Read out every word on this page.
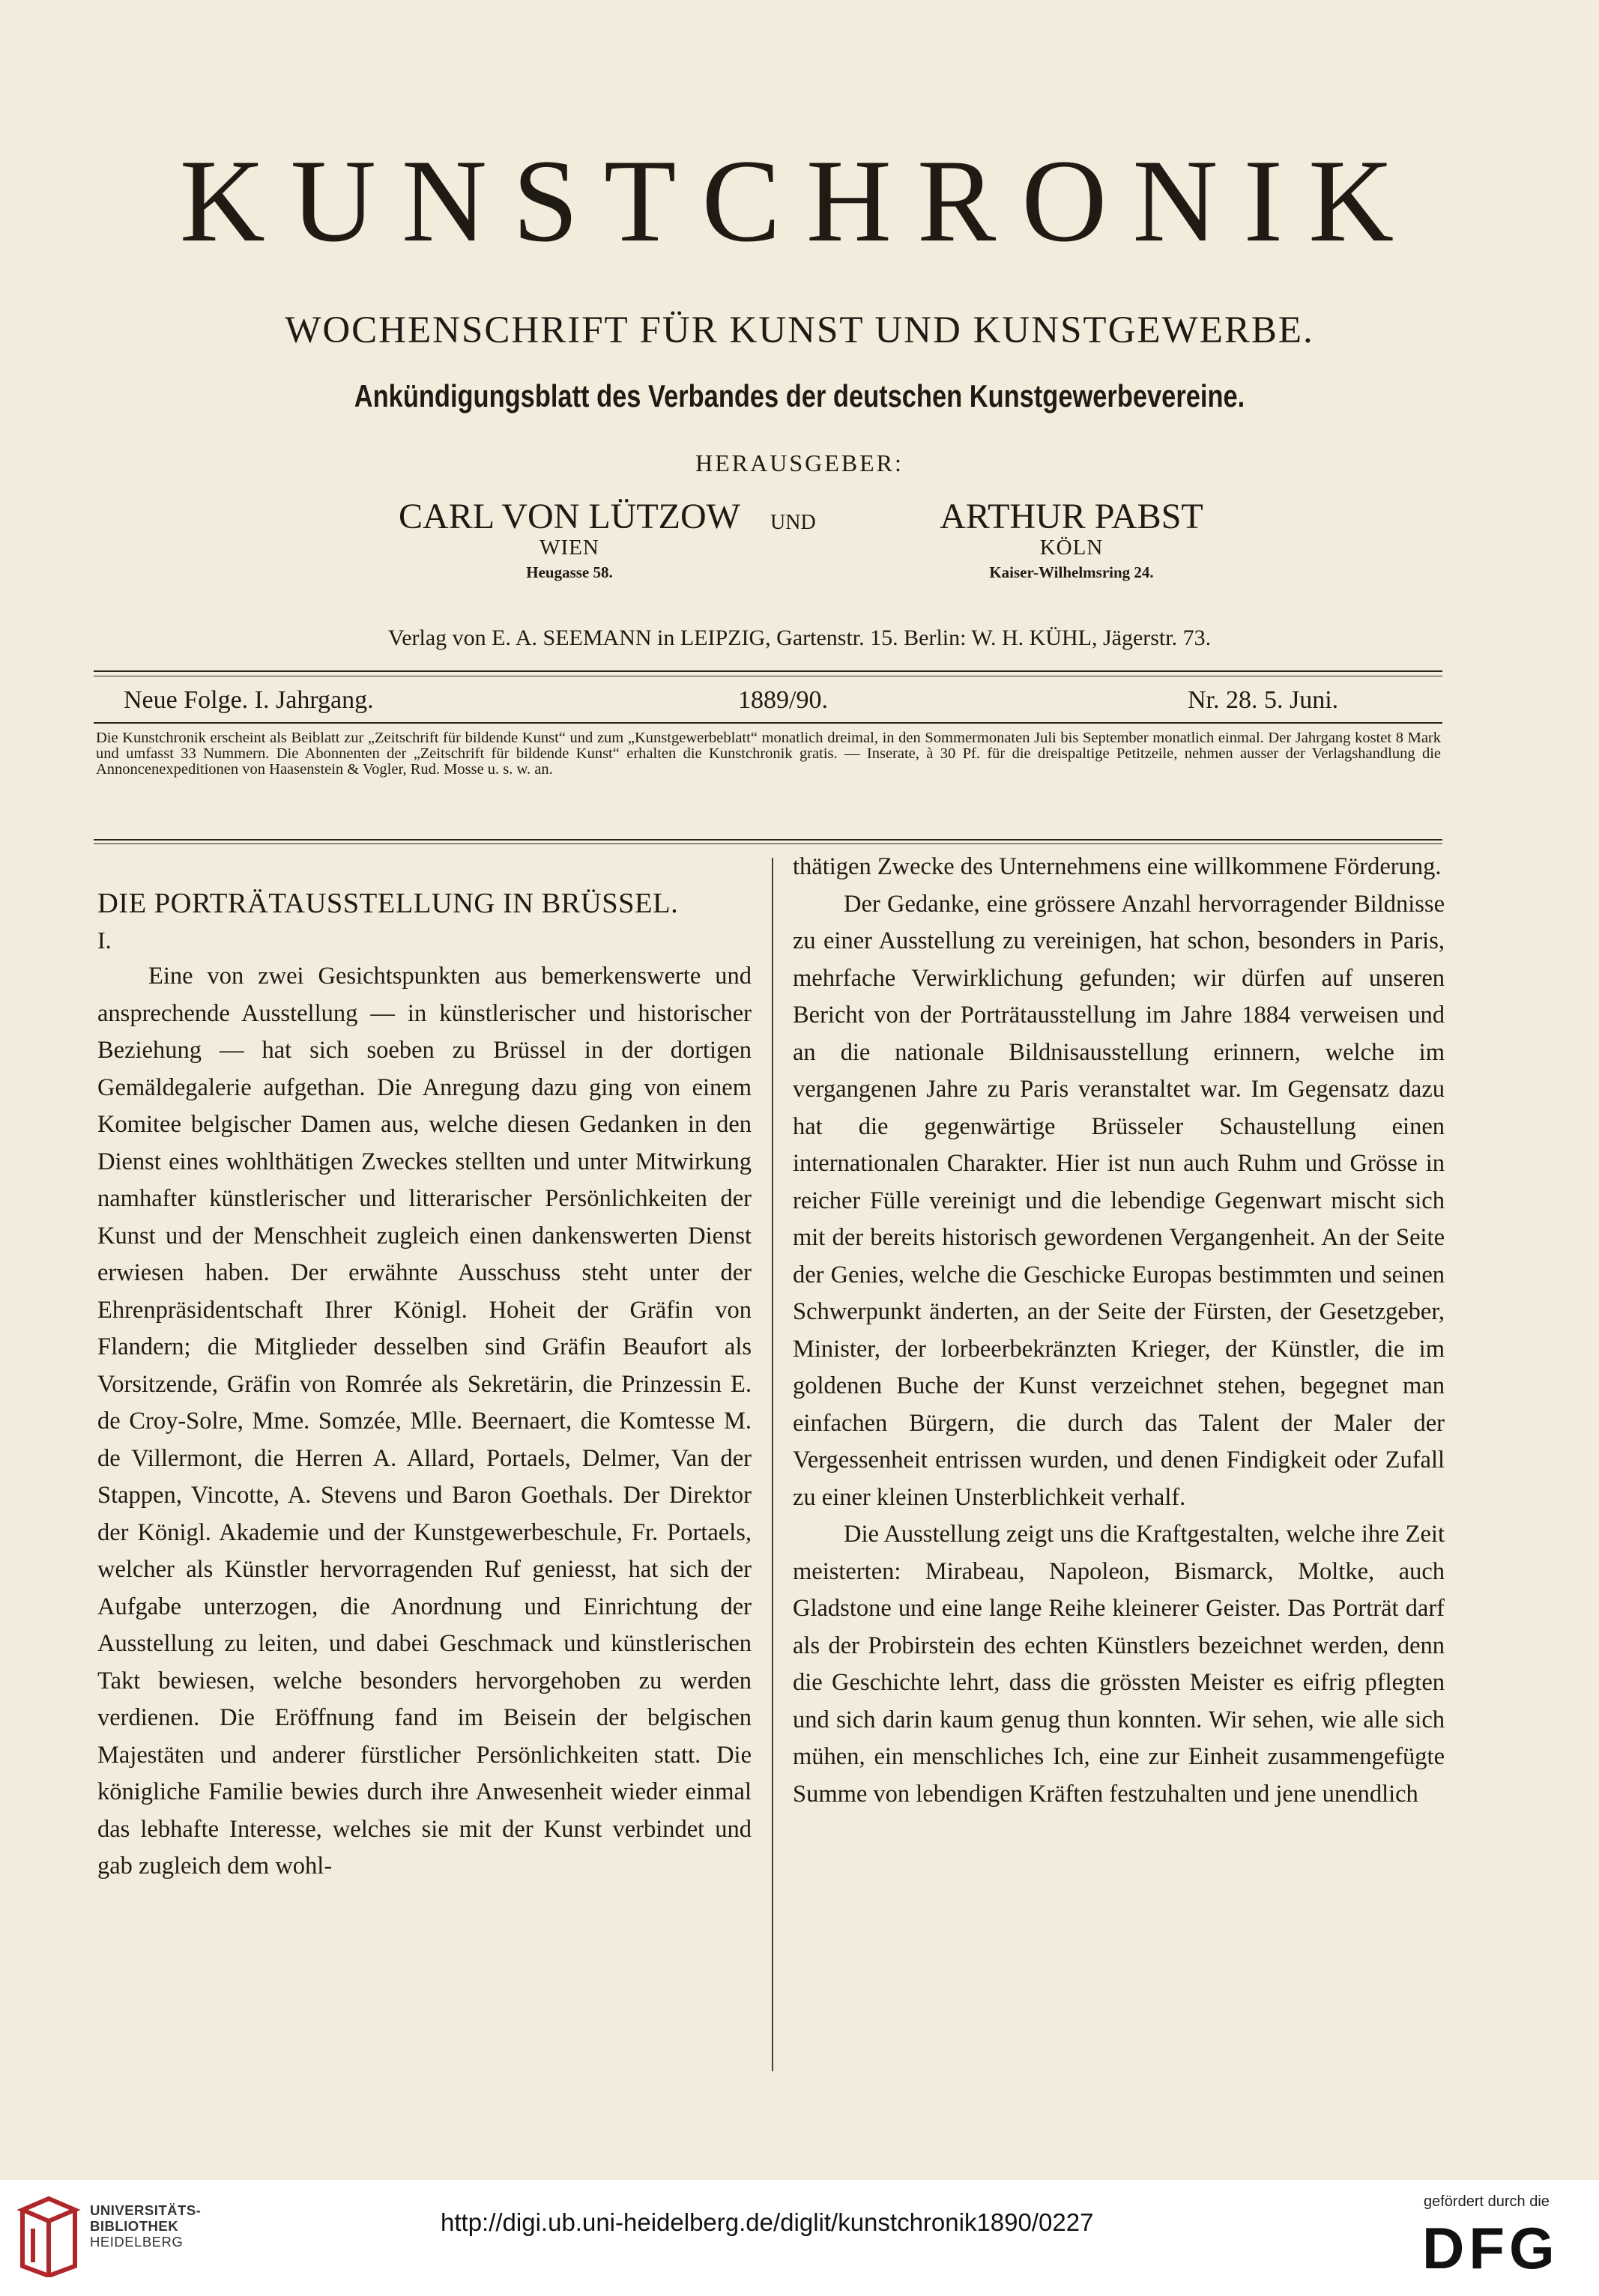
KUNSTCHRONIK
WOCHENSCHRIFT FÜR KUNST UND KUNSTGEWERBE.
Ankündigungsblatt des Verbandes der deutschen Kunstgewerbevereine.
HERAUSGEBER:
CARL VON LÜTZOW
WIEN
Heugasse 58.
UND	ARTHUR PABST
KÖLN
Kaiser-Wilhelmsring 24.
Verlag von E. A. SEEMANN in LEIPZIG, Gartenstr. 15. Berlin: W. H. KÜHL, Jägerstr. 73.
Neue Folge. I. Jahrgang.	1889/90.	Nr. 28. 5. Juni.
Die Kunstchronik erscheint als Beiblatt zur „Zeitschrift für bildende Kunst“ und zum „Kunstgewerbeblatt“ monatlich dreimal, in den Sommermonaten Juli bis September monatlich einmal. Der Jahrgang kostet 8 Mark und umfasst 33 Nummern. Die Abonnenten der „Zeitschrift für bildende Kunst“ erhalten die Kunstchronik gratis. — Inserate, à 30 Pf. für die dreispaltige Petitzeile, nehmen ausser der Verlagshandlung die Annoncenexpeditionen von Haasenstein & Vogler, Rud. Mosse u. s. w. an.

DIE PORTRÄTAUSSTELLUNG IN BRÜSSEL.

I.

Eine von zwei Gesichtspunkten aus bemerkenswerte und ansprechende Ausstellung — in künstlerischer und historischer Beziehung — hat sich soeben zu Brüssel in der dortigen Gemäldegalerie aufgethan. Die Anregung dazu ging von einem Komitee belgischer Damen aus, welche diesen Gedanken in den Dienst eines wohlthätigen Zweckes stellten und unter Mitwirkung namhafter künstlerischer und litterarischer Persönlichkeiten der Kunst und der Menschheit zugleich einen dankenswerten Dienst erwiesen haben. Der erwähnte Ausschuss steht unter der Ehrenpräsidentschaft Ihrer Königl. Hoheit der Gräfin von Flandern; die Mitglieder desselben sind Gräfin Beaufort als Vorsitzende, Gräfin von Romrée als Sekretärin, die Prinzessin E. de Croy-Solre, Mme. Somzée, Mlle. Beernaert, die Komtesse M. de Villermont, die Herren A. Allard, Portaels, Delmer, Van der Stappen, Vincotte, A. Stevens und Baron Goethals. Der Direktor der Königl. Akademie und der Kunstgewerbeschule, Fr. Portaels, welcher als Künstler hervorragenden Ruf geniesst, hat sich der Aufgabe unterzogen, die Anordnung und Einrichtung der Ausstellung zu leiten, und dabei Geschmack und künstlerischen Takt bewiesen, welche besonders hervorgehoben zu werden verdienen. Die Eröffnung fand im Beisein der belgischen Majestäten und anderer fürstlicher Persönlichkeiten statt. Die königliche Familie bewies durch ihre Anwesenheit wieder einmal das lebhafte Interesse, welches sie mit der Kunst verbindet und gab zugleich dem wohl-

thätigen Zwecke des Unternehmens eine willkommene Förderung.

Der Gedanke, eine grössere Anzahl hervorragender Bildnisse zu einer Ausstellung zu vereinigen, hat schon, besonders in Paris, mehrfache Verwirklichung gefunden; wir dürfen auf unseren Bericht von der Porträtausstellung im Jahre 1884 verweisen und an die nationale Bildnisausstellung erinnern, welche im vergangenen Jahre zu Paris veranstaltet war. Im Gegensatz dazu hat die gegenwärtige Brüsseler Schaustellung einen internationalen Charakter. Hier ist nun auch Ruhm und Grösse in reicher Fülle vereinigt und die lebendige Gegenwart mischt sich mit der bereits historisch gewordenen Vergangenheit. An der Seite der Genies, welche die Geschicke Europas bestimmten und seinen Schwerpunkt änderten, an der Seite der Fürsten, der Gesetzgeber, Minister, der lorbeerbekränzten Krieger, der Künstler, die im goldenen Buche der Kunst verzeichnet stehen, begegnet man einfachen Bürgern, die durch das Talent der Maler der Vergessenheit entrissen wurden, und denen Findigkeit oder Zufall zu einer kleinen Unsterblichkeit verhalf.

Die Ausstellung zeigt uns die Kraftgestalten, welche ihre Zeit meisterten: Mirabeau, Napoleon, Bismarck, Moltke, auch Gladstone und eine lange Reihe kleinerer Geister. Das Porträt darf als der Probirstein des echten Künstlers bezeichnet werden, denn die Geschichte lehrt, dass die grössten Meister es eifrig pflegten und sich darin kaum genug thun konnten. Wir sehen, wie alle sich mühen, ein menschliches Ich, eine zur Einheit zusammengefügte Summe von lebendigen Kräften festzuhalten und jene unendlich

UNIVERSITÄTS-
BIBLIOTHEK
HEIDELBERG
http://digi.ub.uni-heidelberg.de/diglit/kunstchronik1890/0227
gefördert durch die
DFG
